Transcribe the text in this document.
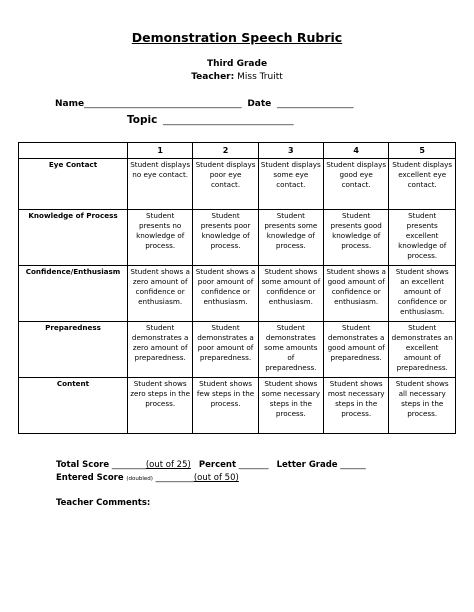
Demonstration Speech Rubric
Third Grade
Teacher: Miss Truitt
Name___________________________________ Date _________________
Topic _____________________________
	1	2	3	4	5
Eye Contact	Student displays no eye contact.	Student displays poor eye contact.	Student displays some eye contact.	Student displays good eye contact.	Student displays excellent eye contact.
Knowledge of Process	Student presents no knowledge of process.	Student presents poor knowledge of process.	Student presents some knowledge of process.	Student presents good knowledge of process.	Student presents excellent knowledge of process.
Confidence/Enthusiasm	Student shows a zero amount of confidence or enthusiasm.	Student shows a poor amount of confidence or enthusiasm.	Student shows some amount of confidence or enthusiasm.	Student shows a good amount of confidence or enthusiasm.	Student shows an excellent amount of confidence or enthusiasm.
Preparedness	Student demonstrates a zero amount of preparedness.	Student demonstrates a poor amount of preparedness.	Student demonstrates some amounts of preparedness.	Student demonstrates a good amount of preparedness.	Student demonstrates an excellent amount of preparedness.
Content	Student shows zero steps in the process.	Student shows few steps in the process.	Student shows some necessary steps in the process.	Student shows most necessary steps in the process.	Student shows all necessary steps in the process.
Total Score ________(out of 25) Percent _______ Letter Grade ______
Entered Score (doubled) _________(out of 50)
Teacher Comments:
